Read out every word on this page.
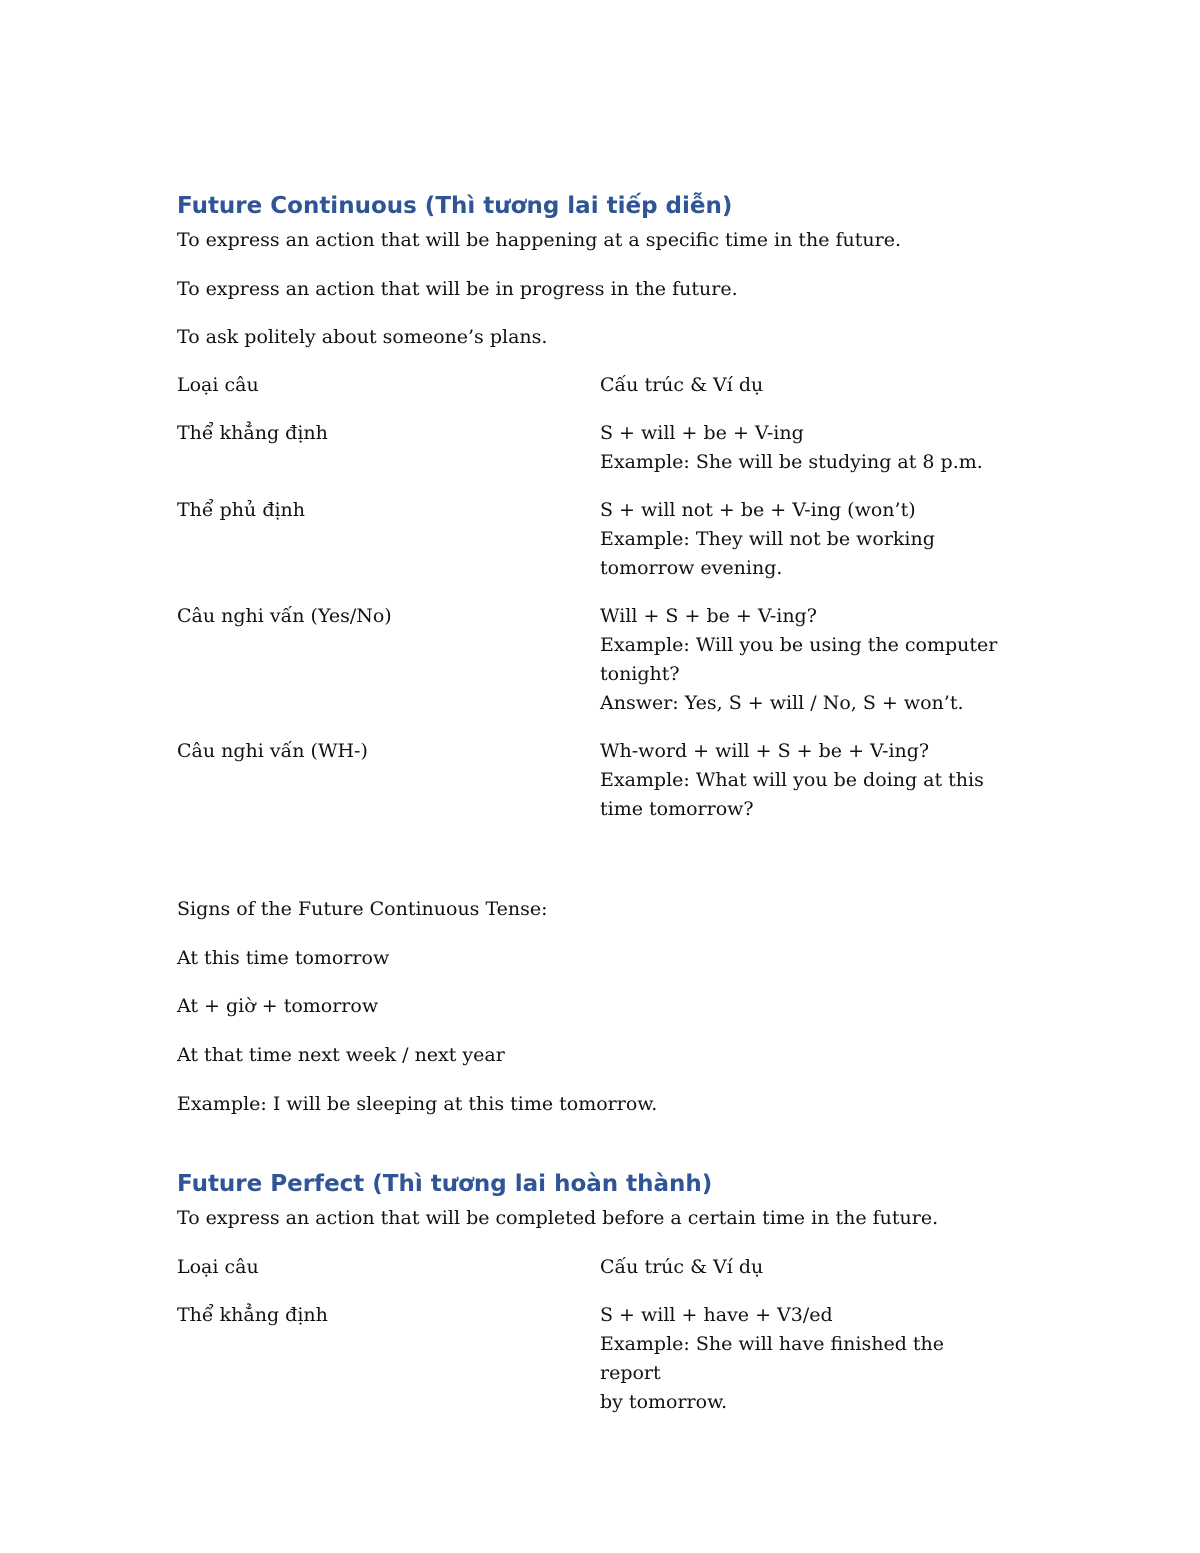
Future Continuous (Thì tương lai tiếp diễn)

To express an action that will be happening at a specific time in the future.

To express an action that will be in progress in the future.

To ask politely about someone’s plans.

Loại câu	Cấu trúc & Ví dụ
Thể khẳng định	S + will + be + V-ing
Example: She will be studying at 8 p.m.
Thể phủ định	S + will not + be + V-ing (won’t)
Example: They will not be working
tomorrow evening.
Câu nghi vấn (Yes/No)	Will + S + be + V-ing?
Example: Will you be using the computer
tonight?
Answer: Yes, S + will / No, S + won’t.
Câu nghi vấn (WH-)	Wh-word + will + S + be + V-ing?
Example: What will you be doing at this
time tomorrow?

Signs of the Future Continuous Tense:

At this time tomorrow

At + giờ + tomorrow

At that time next week / next year

Example: I will be sleeping at this time tomorrow.

Future Perfect (Thì tương lai hoàn thành)

To express an action that will be completed before a certain time in the future.

Loại câu	Cấu trúc & Ví dụ
Thể khẳng định	S + will + have + V3/ed
Example: She will have finished the report
by tomorrow.
